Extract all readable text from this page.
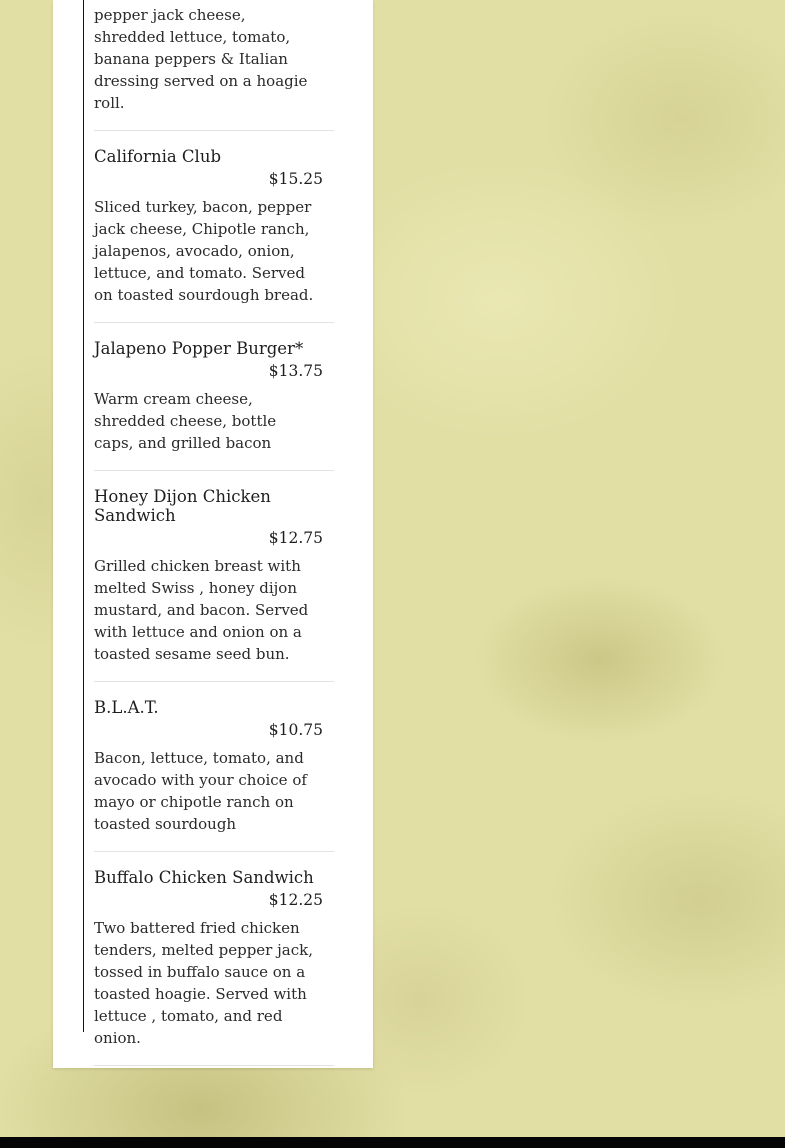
pepper jack cheese, shredded lettuce, tomato, banana peppers & Italian dressing served on a hoagie roll.
California Club
$15.25
Sliced turkey, bacon, pepper jack cheese, Chipotle ranch, jalapenos, avocado, onion, lettuce, and tomato. Served on toasted sourdough bread.
Jalapeno Popper Burger*
$13.75
Warm cream cheese, shredded cheese, bottle caps, and grilled bacon
Honey Dijon Chicken Sandwich
$12.75
Grilled chicken breast with melted Swiss , honey dijon mustard, and bacon. Served with lettuce and onion on a toasted sesame seed bun.
B.L.A.T.
$10.75
Bacon, lettuce, tomato, and avocado with your choice of mayo or chipotle ranch on toasted sourdough
Buffalo Chicken Sandwich
$12.25
Two battered fried chicken tenders, melted pepper jack, tossed in buffalo sauce on a toasted hoagie. Served with lettuce , tomato, and red onion.
